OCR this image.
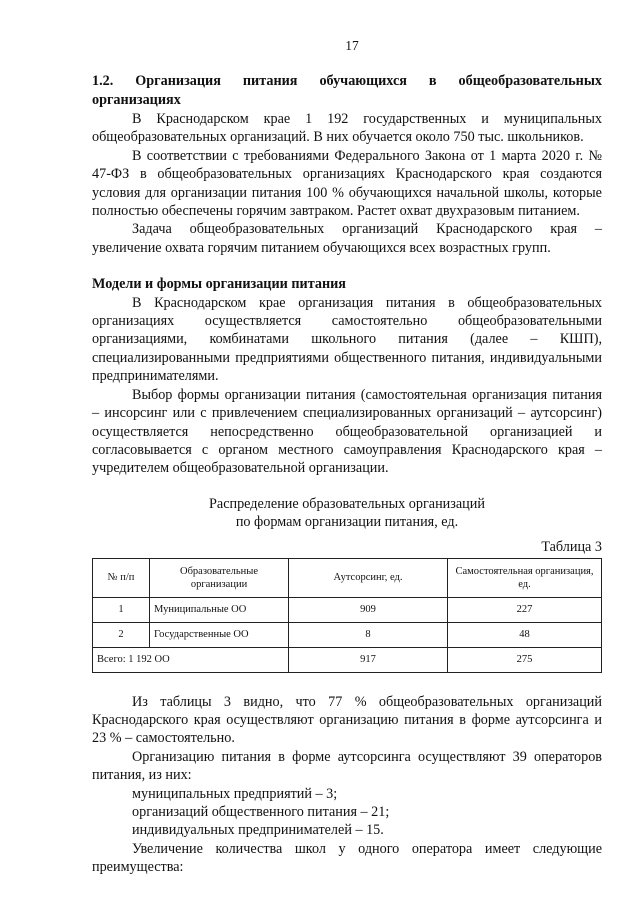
17

1.2. Организация питания обучающихся в общеобразовательных организациях

В Краснодарском крае 1 192 государственных и муниципальных общеобразовательных организаций. В них обучается около 750 тыс. школьников.

В соответствии с требованиями Федерального Закона от 1 марта 2020 г. № 47-ФЗ в общеобразовательных организациях Краснодарского края создаются условия для организации питания 100 % обучающихся начальной школы, которые полностью обеспечены горячим завтраком. Растет охват двухразовым питанием.

Задача общеобразовательных организаций Краснодарского края – увеличение охвата горячим питанием обучающихся всех возрастных групп.

Модели и формы организации питания

В Краснодарском крае организация питания в общеобразовательных организациях осуществляется самостоятельно общеобразовательными организациями, комбинатами школьного питания (далее – КШП), специализированными предприятиями общественного питания, индивидуальными предпринимателями.

Выбор формы организации питания (самостоятельная организация питания – инсорсинг или с привлечением специализированных организаций – аутсорсинг) осуществляется непосредственно общеобразовательной организацией и согласовывается с органом местного самоуправления Краснодарского края – учредителем общеобразовательной организации.

Распределение образовательных организаций
по формам организации питания, ед.
Таблица 3
№ п/п	Образовательные организации	Аутсорсинг, ед.	Самостоятельная организация, ед.
1	Муниципальные ОО	909	227
2	Государственные ОО	8	48
Всего: 1 192 ОО		917	275

Из таблицы 3 видно, что 77 % общеобразовательных организаций Краснодарского края осуществляют организацию питания в форме аутсорсинга и 23 % – самостоятельно.

Организацию питания в форме аутсорсинга осуществляют 39 операторов питания, из них:

муниципальных предприятий – 3;

организаций общественного питания – 21;

индивидуальных предпринимателей – 15.

Увеличение количества школ у одного оператора имеет следующие преимущества:
